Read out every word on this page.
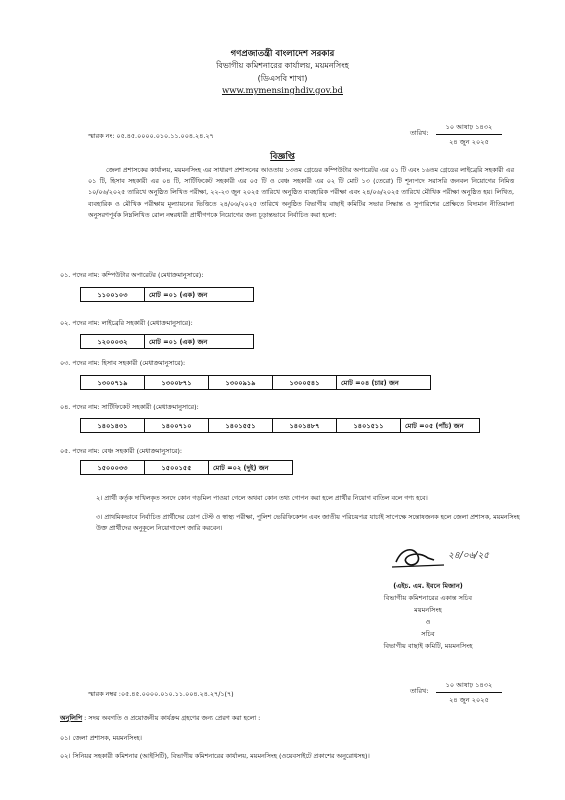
গণপ্রজাতন্ত্রী বাংলাদেশ সরকার
বিভাগীয় কমিশনারের কার্যালয়, ময়মনসিংহ
(ডিএসবি শাখা)
www.mymensinghdiv.gov.bd
স্মারক নং: ০৫.৪৫.০০০০.০১০.১১.০০৪.২৪.২৭	তারিখ:
১০ আষাঢ় ১৪৩২
২৪ জুন ২০২৫
বিজ্ঞপ্তি
জেলা প্রশাসকের কার্যালয়, ময়মনসিংহ এর সাধারণ প্রশাসনের আওতায় ১৩তম গ্রেডের কম্পিউটার অপারেটর এর ০১ টি এবং ১৬তম গ্রেডের লাইব্রেরি সহকারী এর ০১ টি, হিসাব সহকারী এর ০৪ টি, সার্টিফিকেট সহকারী এর ০৫ টি ও বেঞ্চ সহকারী এর ০২ টি মোট ১৩ (তেরো) টি শূন্যপদে সরাসরি জনবল নিয়োগের নিমিত্ত ১০/০৬/২০২৫ তারিখে অনুষ্ঠিত লিখিত পরীক্ষা, ২২-২৩ জুন ২০২৫ তারিখে অনুষ্ঠিত ব্যবহারিক পরীক্ষা এবং ২৪/০৬/২০২৫ তারিখে মৌখিক পরীক্ষা অনুষ্ঠিত হয়। লিখিত, ব্যবহারিক ও মৌখিক পরীক্ষায় মূল্যায়নের ভিত্তিতে ২৪/০৬/২০২৫ তারিখে অনুষ্ঠিত বিভাগীয় বাছাই কমিটির সভার সিদ্ধান্ত ও সুপারিশের প্রেক্ষিতে বিদ্যমান নীতিমালা অনুসরণপূর্বক নিম্নলিখিত রোল নম্বরধারী প্রার্থীগণকে নিয়োগের জন্য চূড়ান্তভাবে নির্বাচিত করা হলো:
০১. পদের নাম: কম্পিউটার অপারেটর (মেধাক্রমানুসারে):
১১০০১০৩	মোট =০১ (এক) জন
০২. পদের নাম: লাইব্রেরি সহকারী (মেধাক্রমানুসারে):
১২০০০৩২	মোট =০১ (এক) জন
০৩. পদের নাম: হিসাব সহকারী (মেধাক্রমানুসারে):
১৩০০৭১৯	১৩০০৮৭১	১৩০০৯১৯	১৩০০৫৪১	মোট =০৪ (চার) জন
০৪. পদের নাম: সার্টিফিকেট সহকারী (মেধাক্রমানুসারে):
১৪০১৪৩১	১৪০০৭১০	১৪০১৫৫১	১৪০১৪৮৭	১৪০১৫১১	মোট =০৫ (পাঁচ) জন
০৫. পদের নাম: বেঞ্চ সহকারী (মেধাক্রমানুসারে):
১৫০০০৩৩	১৫০০১৫৫	মোট =০২ (দুই) জন
২। প্রার্থী কর্তৃক দাখিলকৃত সনদে কোন গড়মিল পাওয়া গেলে অথবা কোন তথ্য গোপন করা হলে প্রার্থীর নিয়োগ বাতিল বলে গণ্য হবে।
৩। প্রাথমিকভাবে নির্বাচিত প্রার্থীদের ডোপ টেস্ট ও স্বাস্থ্য পরীক্ষা, পুলিশ ভেরিফিকেশন এবং জাতীয় পরিচয়পত্র যাচাই সাপেক্ষে সন্তোষজনক হলে জেলা প্রশাসক, ময়মনসিংহ উক্ত প্রার্থীদের অনুকূলে নিয়োগাদেশ জারি করবেন।
২৪/০৬/২৫
(এইচ. এম. ইবনে মিজান)
বিভাগীয় কমিশনারের একান্ত সচিব
ময়মনসিংহ
ও
সচিব
বিভাগীয় বাছাই কমিটি, ময়মনসিংহ
স্মারক নম্বর :০৫.৪৫.০০০০.০১০.১১.০০৪.২৪.২৭/১(৭)	তারিখ:
১০ আষাঢ় ১৪৩২
২৪ জুন ২০২৫
অনুলিপি : সদয় অবগতি ও প্রয়োজনীয় কার্যক্রম গ্রহণের জন্য প্রেরণ করা হলো :
০১। জেলা প্রশাসক, ময়মনসিংহ।
০২। সিনিয়র সহকারী কমিশনার (আইসিটি), বিভাগীয় কমিশনারের কার্যালয়, ময়মনসিংহ (ওয়েবসাইটে প্রকাশের অনুরোধসহ)।
